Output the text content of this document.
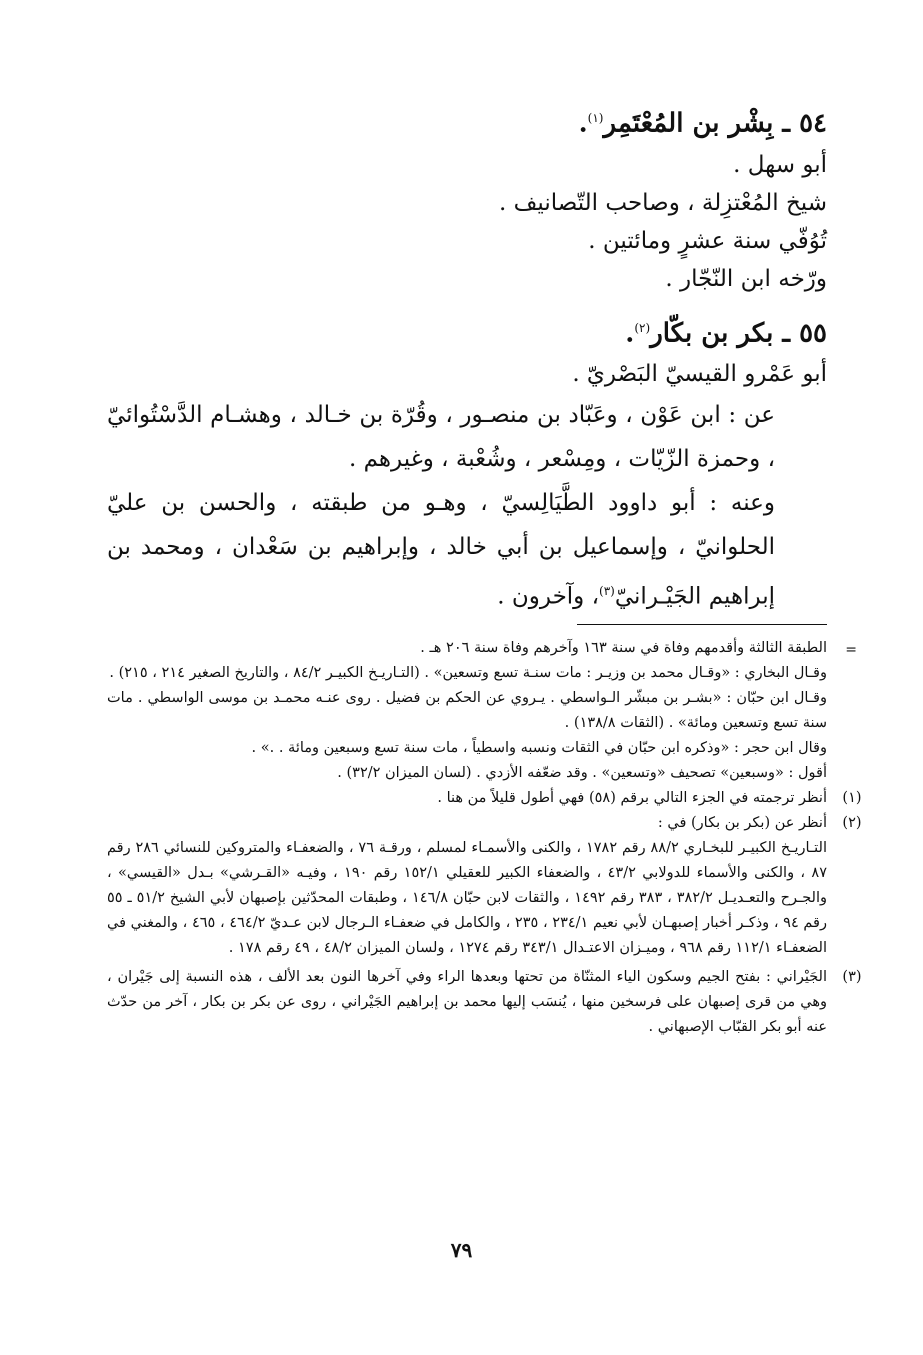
٥٤ ـ بِشْر بن المُعْتَمِر$^{(١)}$.

أبو سهل .

شيخ المُعْتزِلة ، وصاحب التّصانيف .

تُوُفّي سنة عشرٍ ومائتين .

ورّخه ابن النّجّار .

٥٥ ـ بكر بن بكّار$^{(٢)}$.

أبو عَمْرو القيسيّ البَصْريّ .

عن : ابن عَوْن ، وعَبّاد بن منصـور ، وقُرّة بن خـالد ، وهشـام الدَّسْتُوائيّ ، وحمزة الزّيّات ، ومِسْعر ، وشُعْبة ، وغيرهم .

وعنه : أبو داوود الطَّيَالِسيّ ، وهـو من طبقته ، والحسن بن عليّ الحلوانيّ ، وإسماعيل بن أبي خالد ، وإبراهيم بن سَعْدان ، ومحمد بن إبراهيم الجَيْـرانيّ$^{(٣)}$، وآخرون .

=

الطبقة الثالثة وأقدمهم وفاة في سنة ١٦٣ وآخرهم وفاة سنة ٢٠٦ هـ .

وقـال البخاري : «وقـال محمد بن وزيـر : مات سنـة تسع وتسعين» . (التـاريـخ الكبيـر ٨٤/٢ ، والتاريخ الصغير ٢١٤ ، ٢١٥) .

وقـال ابن حبّان : «بشـر بن مبشّر الـواسطي . يـروي عن الحكم بن فضيل . روى عنـه محمـد بن موسى الواسطي . مات سنة تسع وتسعين ومائة» . (الثقات ١٣٨/٨) .

وقال ابن حجر : «وذكره ابن حبّان في الثقات ونسبه واسطياً ، مات سنة تسع وسبعين ومائة . .» .

أقول : «وسبعين» تصحيف «وتسعين» . وقد ضعّفه الأزدي . (لسان الميزان ٣٢/٢) .

(١)

أنظر ترجمته في الجزء التالي برقم (٥٨) فهي أطول قليلاً من هنا .

(٢)

أنظر عن (بكر بن بكار) في :

التـاريـخ الكبيـر للبخـاري ٨٨/٢ رقم ١٧٨٢ ، والكنى والأسمـاء لمسلم ، ورقـة ٧٦ ، والضعفـاء والمتروكين للنسائي ٢٨٦ رقم ٨٧ ، والكنى والأسماء للدولابي ٤٣/٢ ، والضعفاء الكبير للعقيلي ١٥٢/١ رقم ١٩٠ ، وفيـه «القـرشي» بـدل «القيسي» ، والجـرح والتعـديـل ٣٨٢/٢ ، ٣٨٣ رقم ١٤٩٢ ، والثقات لابن حبّان ١٤٦/٨ ، وطبقات المحدّثين بإصبهان لأبي الشيخ ٥١/٢ ـ ٥٥ رقم ٩٤ ، وذكـر أخبار إصبهـان لأبي نعيم ٢٣٤/١ ، ٢٣٥ ، والكامل في ضعفـاء الـرجال لابن عـديّ ٤٦٤/٢ ، ٤٦٥ ، والمغني في الضعفـاء ١١٢/١ رقم ٩٦٨ ، وميـزان الاعتـدال ٣٤٣/١ رقم ١٢٧٤ ، ولسان الميزان ٤٨/٢ ، ٤٩ رقم ١٧٨ .

(٣)

الجَيْراني : بفتح الجيم وسكون الياء المثنّاة من تحتها وبعدها الراء وفي آخرها النون بعد الألف ، هذه النسبة إلى جَيْران ، وهي من قرى إصبهان على فرسخين منها ، يُنسَب إليها محمد بن إبراهيم الجَيْراني ، روى عن بكر بن بكار ، آخر من حدّث عنه أبو بكر القبّاب الإصبهاني .

٧٩
